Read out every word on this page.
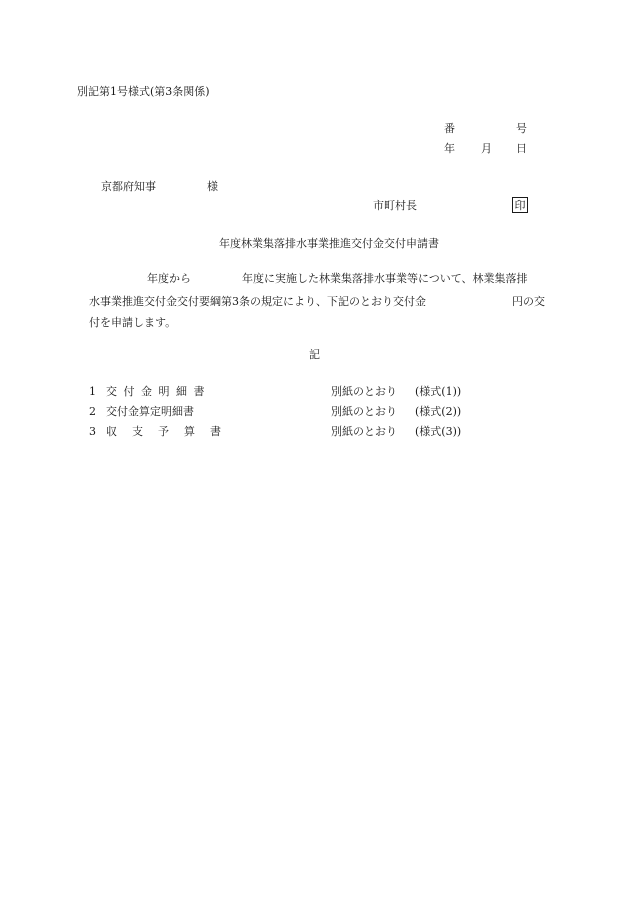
別記第1号様式(第3条関係)
番	号
年 月 日
京都府知事	様
市町村長	印
年度林業集落排水事業推進交付金交付申請書
年度から	年度に実施した林業集落排水事業等について、林業集落排
水事業推進交付金交付要綱第3条の規定により、下記のとおり交付金	円の交
付を申請します。
記
1 交付金明細書	別紙のとおり (様式(1))
2 交付金算定明細書	別紙のとおり (様式(2))
3 収支予算書	別紙のとおり (様式(3))
